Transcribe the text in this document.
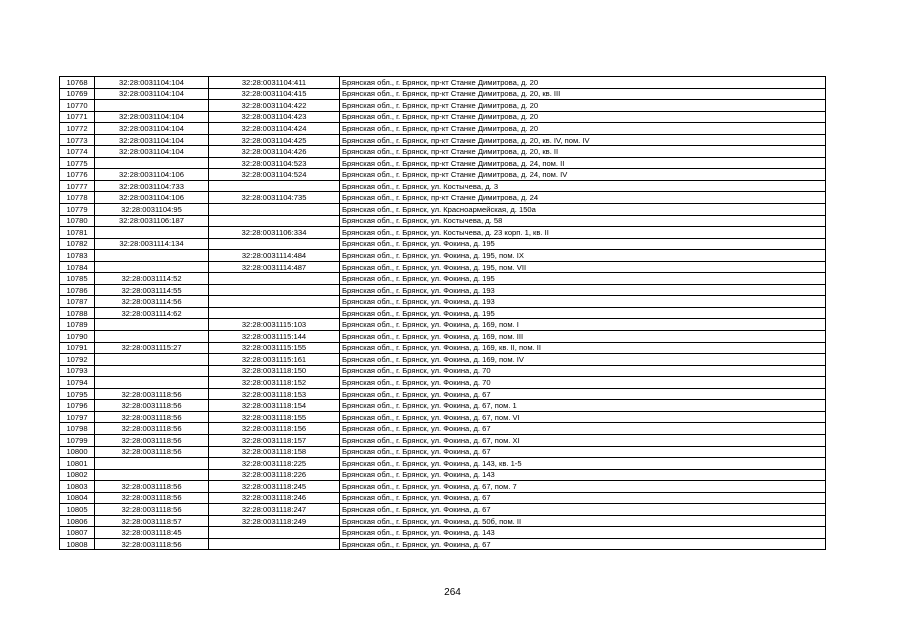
10768	32:28:0031104:104	32:28:0031104:411	Брянская обл., г. Брянск, пр-кт Станке Димитрова, д. 20
10769	32:28:0031104:104	32:28:0031104:415	Брянская обл., г. Брянск, пр-кт Станке Димитрова, д. 20, кв. III
10770		32:28:0031104:422	Брянская обл., г. Брянск, пр-кт Станке Димитрова, д. 20
10771	32:28:0031104:104	32:28:0031104:423	Брянская обл., г. Брянск, пр-кт Станке Димитрова, д. 20
10772	32:28:0031104:104	32:28:0031104:424	Брянская обл., г. Брянск, пр-кт Станке Димитрова, д. 20
10773	32:28:0031104:104	32:28:0031104:425	Брянская обл., г. Брянск, пр-кт Станке Димитрова, д. 20, кв. IV, пом. IV
10774	32:28:0031104:104	32:28:0031104:426	Брянская обл., г. Брянск, пр-кт Станке Димитрова, д. 20, кв. II
10775		32:28:0031104:523	Брянская обл., г. Брянск, пр-кт Станке Димитрова, д. 24, пом. II
10776	32:28:0031104:106	32:28:0031104:524	Брянская обл., г. Брянск, пр-кт Станке Димитрова, д. 24, пом. IV
10777	32:28:0031104:733		Брянская обл., г. Брянск, ул. Костычева, д. 3
10778	32:28:0031104:106	32:28:0031104:735	Брянская обл., г. Брянск, пр-кт Станке Димитрова, д. 24
10779	32:28:0031104:95		Брянская обл., г. Брянск, ул. Красноармейская, д. 150а
10780	32:28:0031106:187		Брянская обл., г. Брянск, ул. Костычева, д. 58
10781		32:28:0031106:334	Брянская обл., г. Брянск, ул. Костычева, д. 23 корп. 1, кв. II
10782	32:28:0031114:134		Брянская обл., г. Брянск, ул. Фокина, д. 195
10783		32:28:0031114:484	Брянская обл., г. Брянск, ул. Фокина, д. 195, пом. IX
10784		32:28:0031114:487	Брянская обл., г. Брянск, ул. Фокина, д. 195, пом. VII
10785	32:28:0031114:52		Брянская обл., г. Брянск, ул. Фокина, д. 195
10786	32:28:0031114:55		Брянская обл., г. Брянск, ул. Фокина, д. 193
10787	32:28:0031114:56		Брянская обл., г. Брянск, ул. Фокина, д. 193
10788	32:28:0031114:62		Брянская обл., г. Брянск, ул. Фокина, д. 195
10789		32:28:0031115:103	Брянская обл., г. Брянск, ул. Фокина, д. 169, пом. I
10790		32:28:0031115:144	Брянская обл., г. Брянск, ул. Фокина, д. 169, пом. III
10791	32:28:0031115:27	32:28:0031115:155	Брянская обл., г. Брянск, ул. Фокина, д. 169, кв. II, пом. II
10792		32:28:0031115:161	Брянская обл., г. Брянск, ул. Фокина, д. 169, пом. IV
10793		32:28:0031118:150	Брянская обл., г. Брянск, ул. Фокина, д. 70
10794		32:28:0031118:152	Брянская обл., г. Брянск, ул. Фокина, д. 70
10795	32:28:0031118:56	32:28:0031118:153	Брянская обл., г. Брянск, ул. Фокина, д. 67
10796	32:28:0031118:56	32:28:0031118:154	Брянская обл., г. Брянск, ул. Фокина, д. 67, пом. 1
10797	32:28:0031118:56	32:28:0031118:155	Брянская обл., г. Брянск, ул. Фокина, д. 67, пом. VI
10798	32:28:0031118:56	32:28:0031118:156	Брянская обл., г. Брянск, ул. Фокина, д. 67
10799	32:28:0031118:56	32:28:0031118:157	Брянская обл., г. Брянск, ул. Фокина, д. 67, пом. XI
10800	32:28:0031118:56	32:28:0031118:158	Брянская обл., г. Брянск, ул. Фокина, д. 67
10801		32:28:0031118:225	Брянская обл., г. Брянск, ул. Фокина, д. 143, кв. 1-5
10802		32:28:0031118:226	Брянская обл., г. Брянск, ул. Фокина, д. 143
10803	32:28:0031118:56	32:28:0031118:245	Брянская обл., г. Брянск, ул. Фокина, д. 67, пом. 7
10804	32:28:0031118:56	32:28:0031118:246	Брянская обл., г. Брянск, ул. Фокина, д. 67
10805	32:28:0031118:56	32:28:0031118:247	Брянская обл., г. Брянск, ул. Фокина, д. 67
10806	32:28:0031118:57	32:28:0031118:249	Брянская обл., г. Брянск, ул. Фокина, д. 50б, пом. II
10807	32:28:0031118:45		Брянская обл., г. Брянск, ул. Фокина, д. 143
10808	32:28:0031118:56		Брянская обл., г. Брянск, ул. Фокина, д. 67
264
